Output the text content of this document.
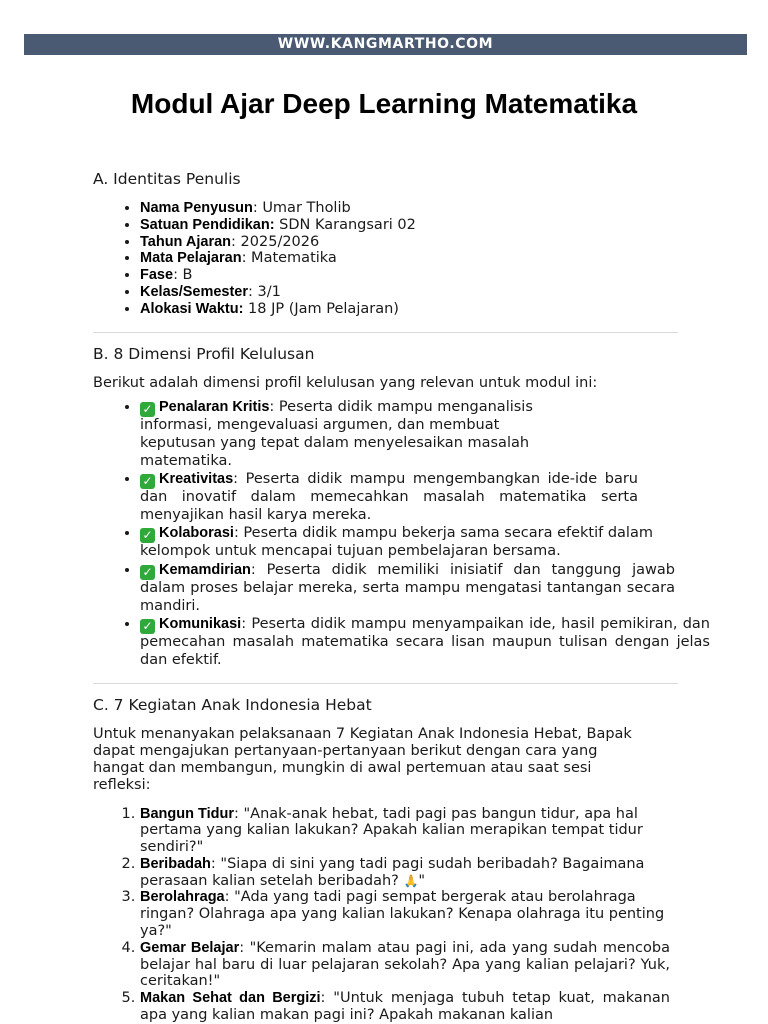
WWW.KANGMARTHO.COM
Modul Ajar Deep Learning Matematika
A. Identitas Penulis
• Nama Penyusun: Umar Tholib
• Satuan Pendidikan: SDN Karangsari 02
• Tahun Ajaran: 2025/2026
• Mata Pelajaran: Matematika
• Fase: B
• Kelas/Semester: 3/1
• Alokasi Waktu: 18 JP (Jam Pelajaran)
B. 8 Dimensi Profil Kelulusan

Berikut adalah dimensi profil kelulusan yang relevan untuk modul ini:

• ✓ Penalaran Kritis: Peserta didik mampu menganalisis informasi, mengevaluasi argumen, dan membuat keputusan yang tepat dalam menyelesaikan masalah matematika.
• ✓ Kreativitas: Peserta didik mampu mengembangkan ide-ide baru dan inovatif dalam memecahkan masalah matematika serta menyajikan hasil karya mereka.
• ✓ Kolaborasi: Peserta didik mampu bekerja sama secara efektif dalam kelompok untuk mencapai tujuan pembelajaran bersama.
• ✓ Kemamdirian: Peserta didik memiliki inisiatif dan tanggung jawab dalam proses belajar mereka, serta mampu mengatasi tantangan secara mandiri.
• ✓ Komunikasi: Peserta didik mampu menyampaikan ide, hasil pemikiran, dan pemecahan masalah matematika secara lisan maupun tulisan dengan jelas dan efektif.
C. 7 Kegiatan Anak Indonesia Hebat

Untuk menanyakan pelaksanaan 7 Kegiatan Anak Indonesia Hebat, Bapak dapat mengajukan pertanyaan-pertanyaan berikut dengan cara yang hangat dan membangun, mungkin di awal pertemuan atau saat sesi refleksi:

1. Bangun Tidur: "Anak-anak hebat, tadi pagi pas bangun tidur, apa hal pertama yang kalian lakukan? Apakah kalian merapikan tempat tidur sendiri?"
2. Beribadah: "Siapa di sini yang tadi pagi sudah beribadah? Bagaimana perasaan kalian setelah beribadah? 🙏"
3. Berolahraga: "Ada yang tadi pagi sempat bergerak atau berolahraga ringan? Olahraga apa yang kalian lakukan? Kenapa olahraga itu penting ya?"
4. Gemar Belajar: "Kemarin malam atau pagi ini, ada yang sudah mencoba belajar hal baru di luar pelajaran sekolah? Apa yang kalian pelajari? Yuk, ceritakan!"
5. Makan Sehat dan Bergizi: "Untuk menjaga tubuh tetap kuat, makanan apa yang kalian makan pagi ini? Apakah makanan kalian
